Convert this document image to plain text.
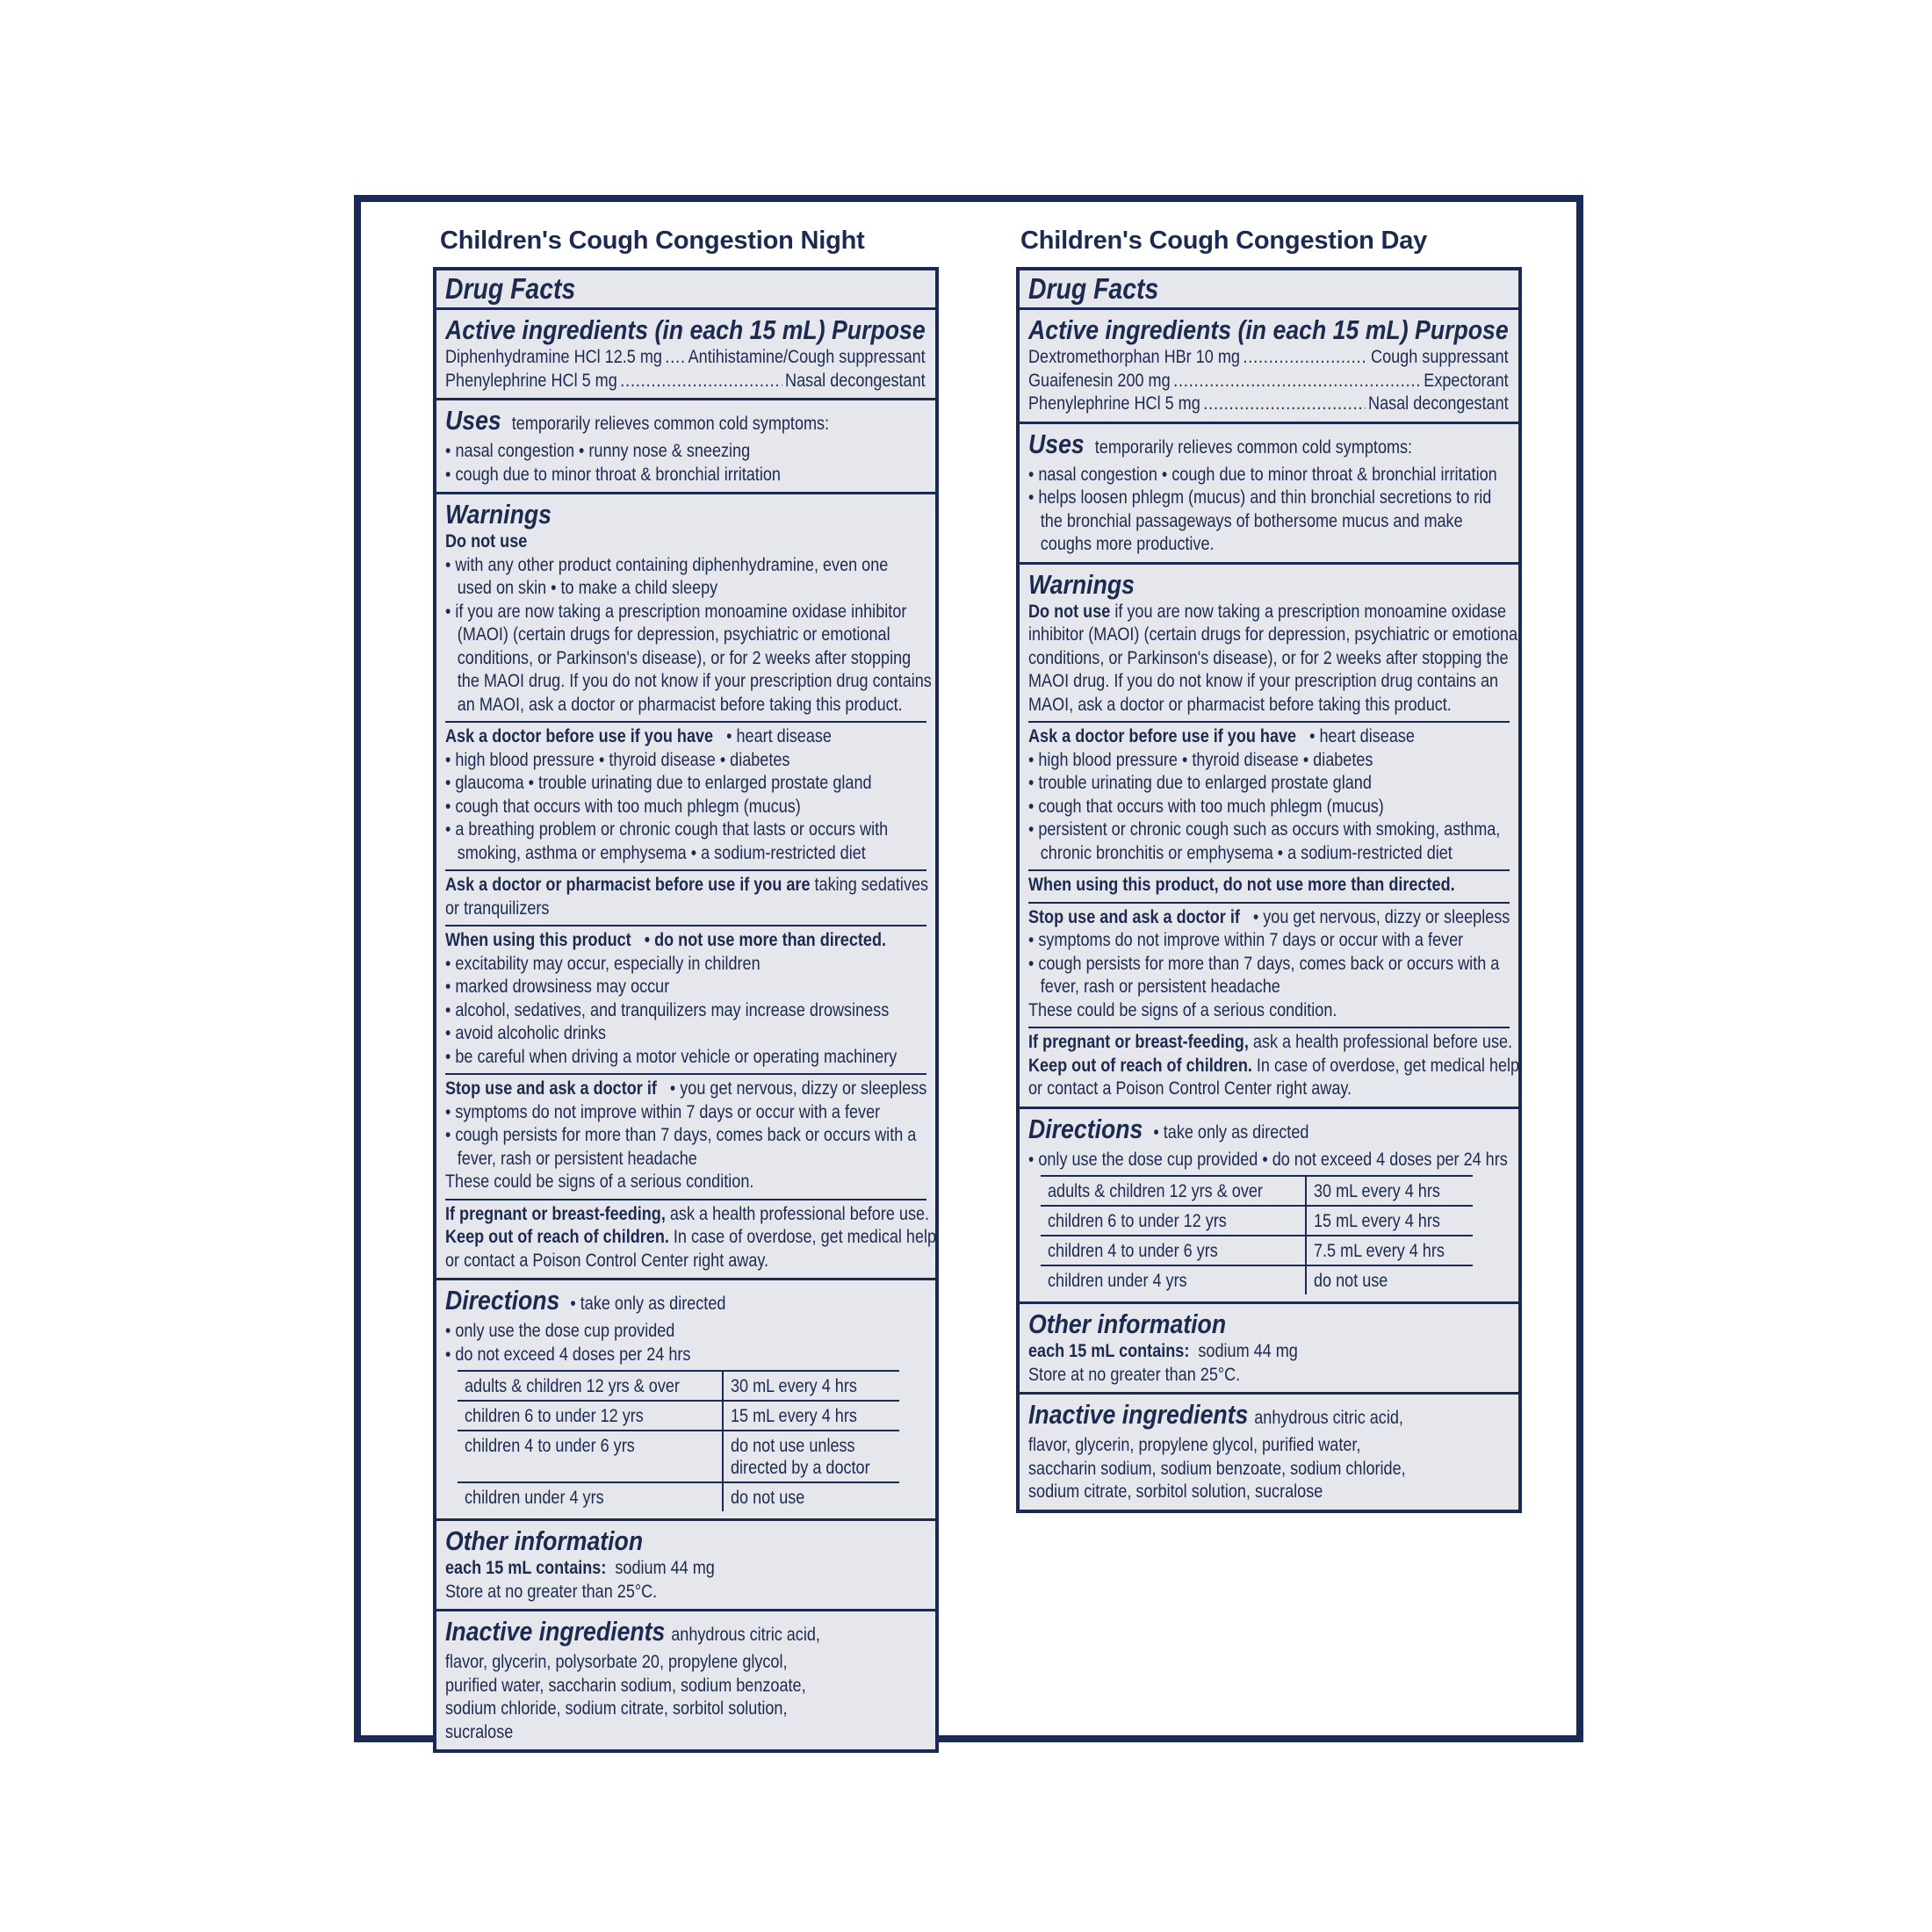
Children's Cough Congestion Night
Drug Facts
Active ingredients (in each 15 mL) Purpose
Diphenhydramine HCl 12.5 mg ..... Antihistamine/Cough suppressant
Phenylephrine HCl 5 mg .....	Nasal decongestant
Uses temporarily relieves common cold symptoms:
• nasal congestion • runny nose & sneezing
• cough due to minor throat & bronchial irritation
Warnings
Do not use
• with any other product containing diphenhydramine, even one
used on skin • to make a child sleepy
• if you are now taking a prescription monoamine oxidase inhibitor
(MAOI) (certain drugs for depression, psychiatric or emotional
conditions, or Parkinson's disease), or for 2 weeks after stopping
the MAOI drug. If you do not know if your prescription drug contains
an MAOI, ask a doctor or pharmacist before taking this product.
Ask a doctor before use if you have • heart disease
• high blood pressure • thyroid disease • diabetes
• glaucoma • trouble urinating due to enlarged prostate gland
• cough that occurs with too much phlegm (mucus)
• a breathing problem or chronic cough that lasts or occurs with
smoking, asthma or emphysema • a sodium-restricted diet
Ask a doctor or pharmacist before use if you are taking sedatives
or tranquilizers
When using this product • do not use more than directed.
• excitability may occur, especially in children
• marked drowsiness may occur
• alcohol, sedatives, and tranquilizers may increase drowsiness
• avoid alcoholic drinks
• be careful when driving a motor vehicle or operating machinery
Stop use and ask a doctor if • you get nervous, dizzy or sleepless
• symptoms do not improve within 7 days or occur with a fever
• cough persists for more than 7 days, comes back or occurs with a
fever, rash or persistent headache
These could be signs of a serious condition.
If pregnant or breast-feeding, ask a health professional before use.
Keep out of reach of children. In case of overdose, get medical help
or contact a Poison Control Center right away.
Directions • take only as directed
• only use the dose cup provided
• do not exceed 4 doses per 24 hrs
adults & children 12 yrs & over	30 mL every 4 hrs
children 6 to under 12 yrs	15 mL every 4 hrs
children 4 to under 6 yrs	do not use unless
directed by a doctor
children under 4 yrs	do not use
Other information
each 15 mL contains: sodium 44 mg
Store at no greater than 25°C.
Inactive ingredients anhydrous citric acid,
flavor, glycerin, polysorbate 20, propylene glycol,
purified water, saccharin sodium, sodium benzoate,
sodium chloride, sodium citrate, sorbitol solution,
sucralose
Children's Cough Congestion Day
Drug Facts
Active ingredients (in each 15 mL) Purpose
Dextromethorphan HBr 10 mg .....	Cough suppressant
Guaifenesin 200 mg .....	Expectorant
Phenylephrine HCl 5 mg .....	Nasal decongestant
Uses temporarily relieves common cold symptoms:
• nasal congestion • cough due to minor throat & bronchial irritation
• helps loosen phlegm (mucus) and thin bronchial secretions to rid
the bronchial passageways of bothersome mucus and make
coughs more productive.
Warnings
Do not use if you are now taking a prescription monoamine oxidase
inhibitor (MAOI) (certain drugs for depression, psychiatric or emotional
conditions, or Parkinson's disease), or for 2 weeks after stopping the
MAOI drug. If you do not know if your prescription drug contains an
MAOI, ask a doctor or pharmacist before taking this product.
Ask a doctor before use if you have • heart disease
• high blood pressure • thyroid disease • diabetes
• trouble urinating due to enlarged prostate gland
• cough that occurs with too much phlegm (mucus)
• persistent or chronic cough such as occurs with smoking, asthma,
chronic bronchitis or emphysema • a sodium-restricted diet
When using this product, do not use more than directed.
Stop use and ask a doctor if • you get nervous, dizzy or sleepless
• symptoms do not improve within 7 days or occur with a fever
• cough persists for more than 7 days, comes back or occurs with a
fever, rash or persistent headache
These could be signs of a serious condition.
If pregnant or breast-feeding, ask a health professional before use.
Keep out of reach of children. In case of overdose, get medical help
or contact a Poison Control Center right away.
Directions • take only as directed
• only use the dose cup provided • do not exceed 4 doses per 24 hrs
adults & children 12 yrs & over	30 mL every 4 hrs
children 6 to under 12 yrs	15 mL every 4 hrs
children 4 to under 6 yrs	7.5 mL every 4 hrs
children under 4 yrs	do not use
Other information
each 15 mL contains: sodium 44 mg
Store at no greater than 25°C.
Inactive ingredients anhydrous citric acid,
flavor, glycerin, propylene glycol, purified water,
saccharin sodium, sodium benzoate, sodium chloride,
sodium citrate, sorbitol solution, sucralose
